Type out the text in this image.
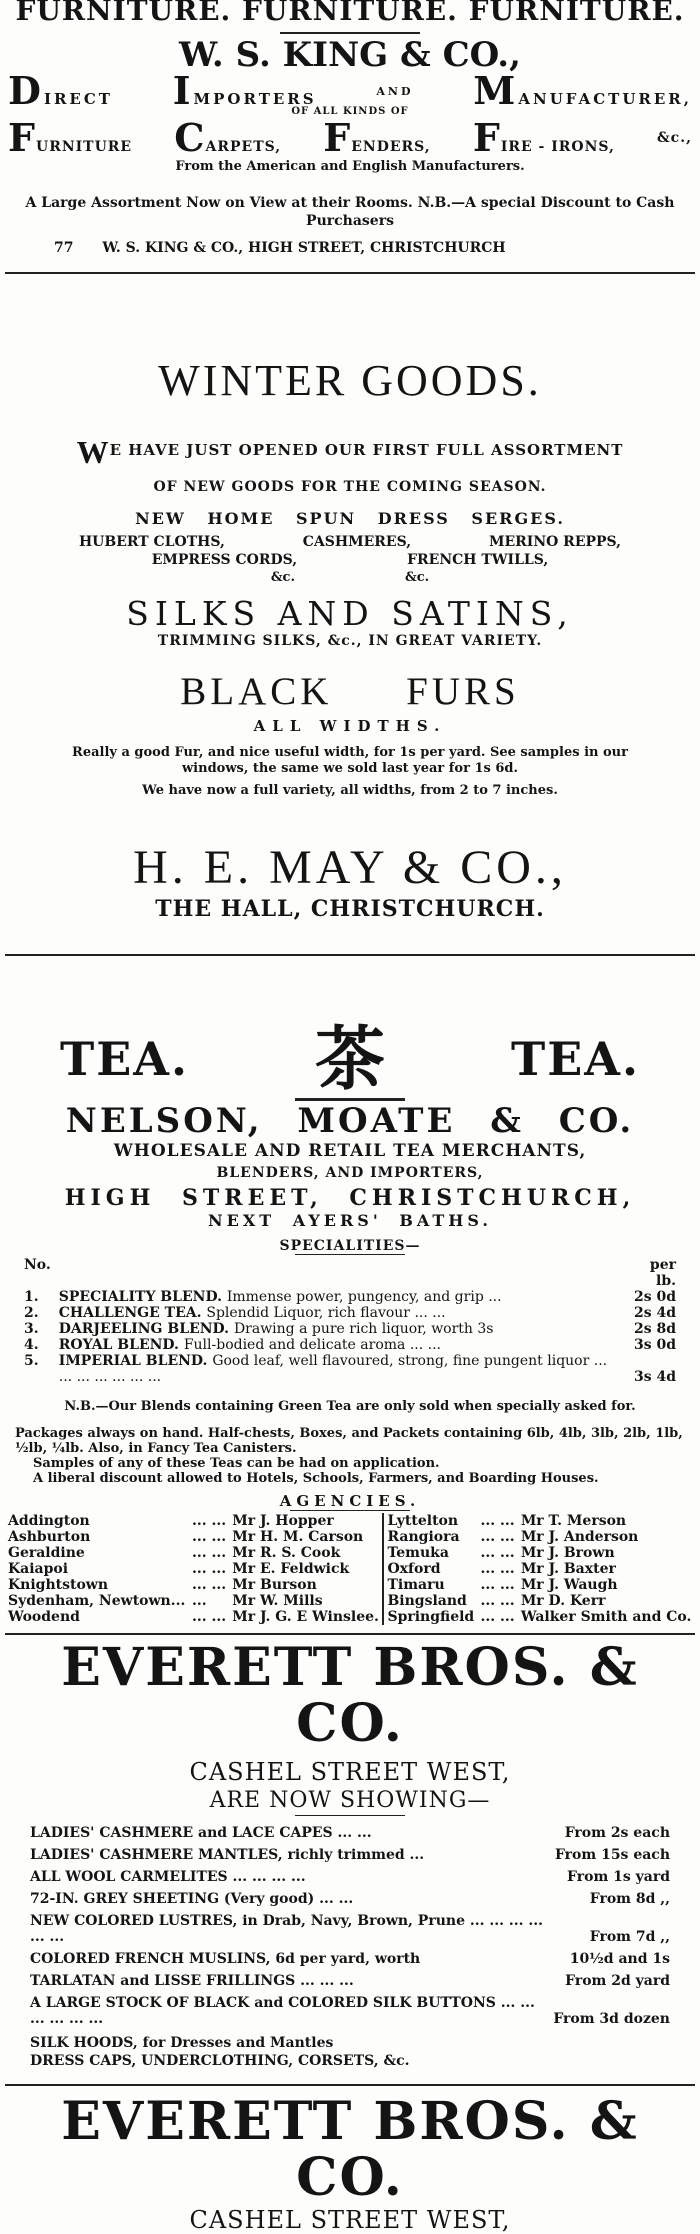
FURNITURE. FURNITURE. FURNITURE.
W. S. KING & CO.,
DIRECT IMPORTERS	AND MANUFACTURER,
OF ALL KINDS OF
FURNITURE CARPETS, FENDERS, FIRE - IRONS,
&c.,
From the American and English Manufacturers.
A Large Assortment Now on View at their Rooms. N.B.—A special Discount to Cash Purchasers
77 W. S. KING & CO., HIGH STREET, CHRISTCHURCH
WINTER GOODS.
WE HAVE JUST OPENED OUR FIRST FULL ASSORTMENT
OF NEW GOODS FOR THE COMING SEASON.
NEW HOME SPUN DRESS SERGES.
HUBERT CLOTHS,	CASHMERES,	MERINO REPPS,
EMPRESS CORDS,	FRENCH TWILLS,
&c.	&c.
SILKS AND SATINS,
TRIMMING SILKS, &c., IN GREAT VARIETY.
BLACK FURS
ALL WIDTHS.
Really a good Fur, and nice useful width, for 1s per yard. See samples in our windows, the same we sold last year for 1s 6d.
We have now a full variety, all widths, from 2 to 7 inches.
H. E. MAY & CO.,
THE HALL, CHRISTCHURCH.
TEA. 茶	TEA.
NELSON, MOATE & CO.
WHOLESALE AND RETAIL TEA MERCHANTS,
BLENDERS, AND IMPORTERS,
HIGH STREET, CHRISTCHURCH,
NEXT AYERS' BATHS.
SPECIALITIES—
No.		per lb.
1.	SPECIALITY BLEND. Immense power, pungency, and grip ...	2s 0d
2.	CHALLENGE TEA. Splendid Liquor, rich flavour ... ...	2s 4d
3.	DARJEELING BLEND. Drawing a pure rich liquor, worth 3s	2s 8d
4.	ROYAL BLEND. Full-bodied and delicate aroma ... ...	3s 0d
5.	IMPERIAL BLEND. Good leaf, well flavoured, strong, fine pungent liquor ... ... ... ... ... ... ...	3s 4d
N.B.—Our Blends containing Green Tea are only sold when specially asked for.
Packages always on hand. Half-chests, Boxes, and Packets containing 6lb, 4lb, 3lb, 2lb, 1lb, ½lb, ¼lb. Also, in Fancy Tea Canisters.
Samples of any of these Teas can be had on application.
A liberal discount allowed to Hotels, Schools, Farmers, and Boarding Houses.
AGENCIES.
Addington	... ...	Mr J. Hopper	Lyttelton	... ...	Mr T. Merson
Ashburton	... ...	Mr H. M. Carson	Rangiora	... ...	Mr J. Anderson
Geraldine	... ...	Mr R. S. Cook	Temuka	... ...	Mr J. Brown
Kaiapoi	... ...	Mr E. Feldwick	Oxford	... ...	Mr J. Baxter
Knightstown	... ...	Mr Burson	Timaru	... ...	Mr J. Waugh
Sydenham, Newtown...	...	Mr W. Mills	Bingsland	... ...	Mr D. Kerr
Woodend	... ...	Mr J. G. E Winslee.	Springfield	... ...	Walker Smith and Co.
EVERETT BROS. & CO.
CASHEL STREET WEST,
ARE NOW SHOWING—
LADIES' CASHMERE and LACE CAPES ... ...	From 2s each
LADIES' CASHMERE MANTLES, richly trimmed ...	From 15s each
ALL WOOL CARMELITES ... ... ... ...	From 1s yard
72-IN. GREY SHEETING (Very good) ... ...	From 8d ,,
NEW COLORED LUSTRES, in Drab, Navy, Brown, Prune ... ... ... ... ... ...	From 7d ,,
COLORED FRENCH MUSLINS, 6d per yard, worth	10½d and 1s
TARLATAN and LISSE FRILLINGS ... ... ...	From 2d yard
A LARGE STOCK OF BLACK and COLORED SILK BUTTONS ... ... ... ... ... ...	From 3d dozen
SILK HOODS, for Dresses and Mantles
DRESS CAPS, UNDERCLOTHING, CORSETS, &c.
EVERETT BROS. & CO.
CASHEL STREET WEST,
